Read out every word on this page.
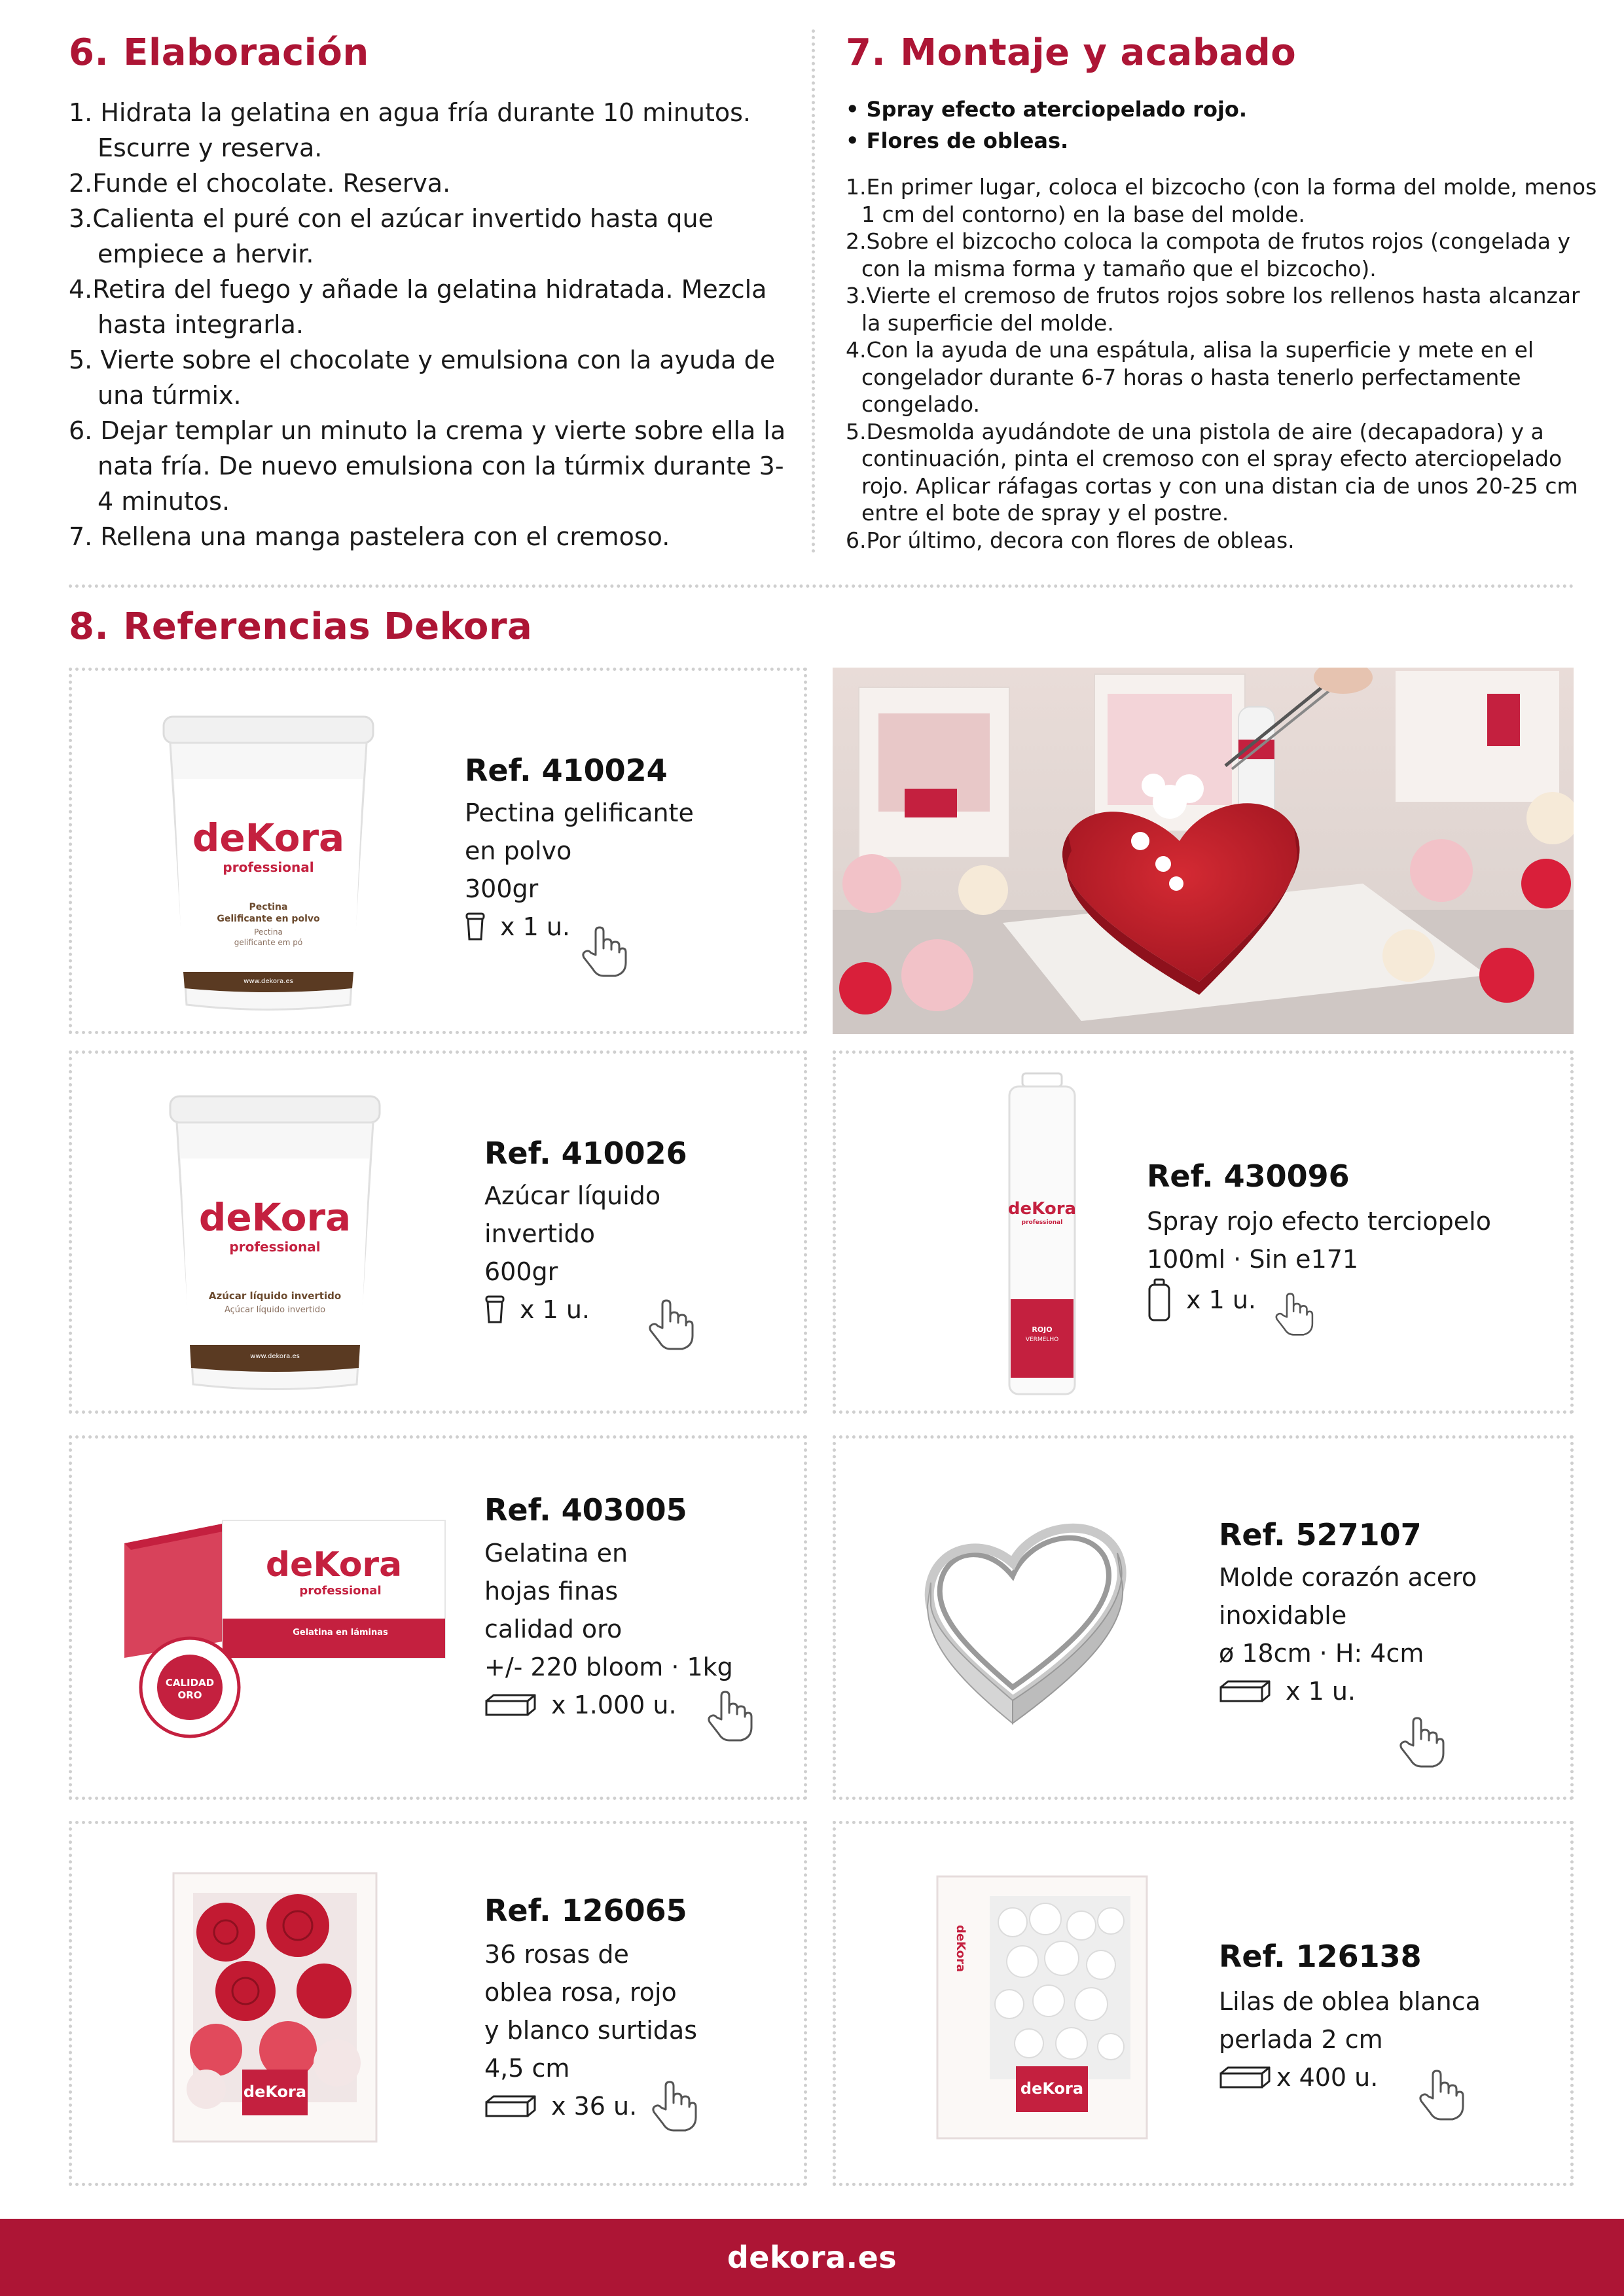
6. Elaboración
1. Hidrata la gelatina en agua fría durante 10 minutos. Escurre y reserva.
2.Funde el chocolate. Reserva.
3.Calienta el puré con el azúcar invertido hasta que empiece a hervir.
4.Retira del fuego y añade la gelatina hidratada. Mezcla hasta integrarla.
5. Vierte sobre el chocolate y emulsiona con la ayuda de una túrmix.
6. Dejar templar un minuto la crema y vierte sobre ella la nata fría. De nuevo emulsiona con la túrmix durante 3-4 minutos.
7. Rellena una manga pastelera con el cremoso.
7. Montaje y acabado
• Spray efecto aterciopelado rojo.
• Flores de obleas.
1.En primer lugar, coloca el bizcocho (con la forma del molde, menos 1 cm del contorno) en la base del molde.
2.Sobre el bizcocho coloca la compota de frutos rojos (congelada y con la misma forma y tamaño que el bizcocho).
3.Vierte el cremoso de frutos rojos sobre los rellenos hasta alcanzar la superficie del molde.
4.Con la ayuda de una espátula, alisa la superficie y mete en el congelador durante 6-7 horas o hasta tenerlo perfectamente congelado.
5.Desmolda ayudándote de una pistola de aire (decapadora) y a continuación, pinta el cremoso con el spray efecto aterciopelado rojo. Aplicar ráfagas cortas y con una distan cia de unos 20-25 cm entre el bote de spray y el postre.
6.Por último, decora con flores de obleas.
8. Referencias Dekora
deKora
professional
Pectina
Gelificante en polvo
Pectina
gelificante em pó
www.dekora.es
Ref. 410024
Pectina gelificante
en polvo
300gr
x 1 u.
deKora
professional
Azúcar líquido invertido
Açúcar líquido invertido
www.dekora.es
Ref. 410026
Azúcar líquido
invertido
600gr
x 1 u.
deKora
professional
ROJO
VERMELHO
Ref. 430096
Spray rojo efecto terciopelo
100ml · Sin e171
x 1 u.
deKora
professional
Gelatina en láminas
CALIDAD
ORO
Ref. 403005
Gelatina en
hojas finas
calidad oro
+/- 220 bloom · 1kg
x 1.000 u.
Ref. 527107
Molde corazón acero
inoxidable
ø 18cm · H: 4cm
x 1 u.
deKora
Ref. 126065
36 rosas de
oblea rosa, rojo
y blanco surtidas
4,5 cm
x 36 u.
deKora
deKora	Ref. 126138
Lilas de oblea blanca
perlada 2 cm
x 400 u.
dekora.es
